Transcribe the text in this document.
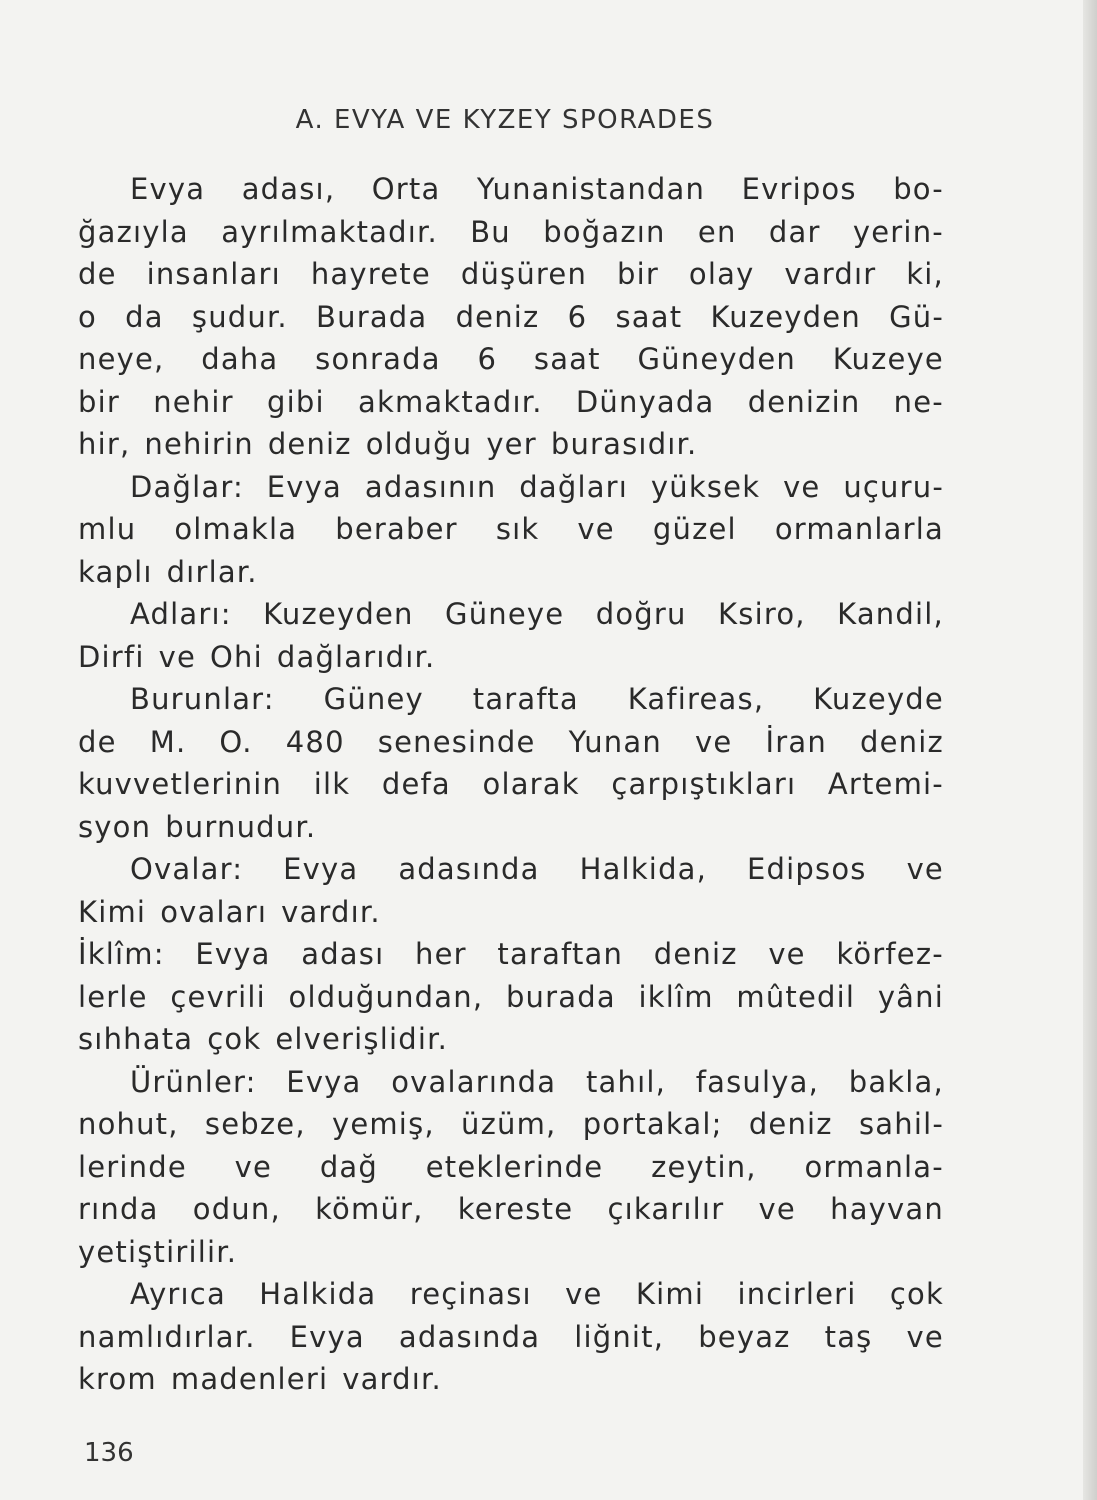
A. EVYA VE KYZEY SPORADES
Evya adası, Orta Yunanistandan Evripos bo-
ğazıyla ayrılmaktadır. Bu boğazın en dar yerin-
de insanları hayrete düşüren bir olay vardır ki,
o da şudur. Burada deniz 6 saat Kuzeyden Gü-
neye, daha sonrada 6 saat Güneyden Kuzeye
bir nehir gibi akmaktadır. Dünyada denizin ne-
hir, nehirin deniz olduğu yer burasıdır.
Dağlar: Evya adasının dağları yüksek ve uçuru-
mlu olmakla beraber sık ve güzel ormanlarla
kaplı dırlar.
Adları: Kuzeyden Güneye doğru Ksiro, Kandil,
Dirfi ve Ohi dağlarıdır.
Burunlar: Güney tarafta Kafireas, Kuzeyde
de M. O. 480 senesinde Yunan ve İran deniz
kuvvetlerinin ilk defa olarak çarpıştıkları Artemi-
syon burnudur.
Ovalar: Evya adasında Halkida, Edipsos ve
Kimi ovaları vardır.
İklîm: Evya adası her taraftan deniz ve körfez-
lerle çevrili olduğundan, burada iklîm mûtedil yâni
sıhhata çok elverişlidir.
Ürünler: Evya ovalarında tahıl, fasulya, bakla,
nohut, sebze, yemiş, üzüm, portakal; deniz sahil-
lerinde ve dağ eteklerinde zeytin, ormanla-
rında odun, kömür, kereste çıkarılır ve hayvan
yetiştirilir.
Ayrıca Halkida reçinası ve Kimi incirleri çok
namlıdırlar. Evya adasında liğnit, beyaz taş ve
krom madenleri vardır.
136
